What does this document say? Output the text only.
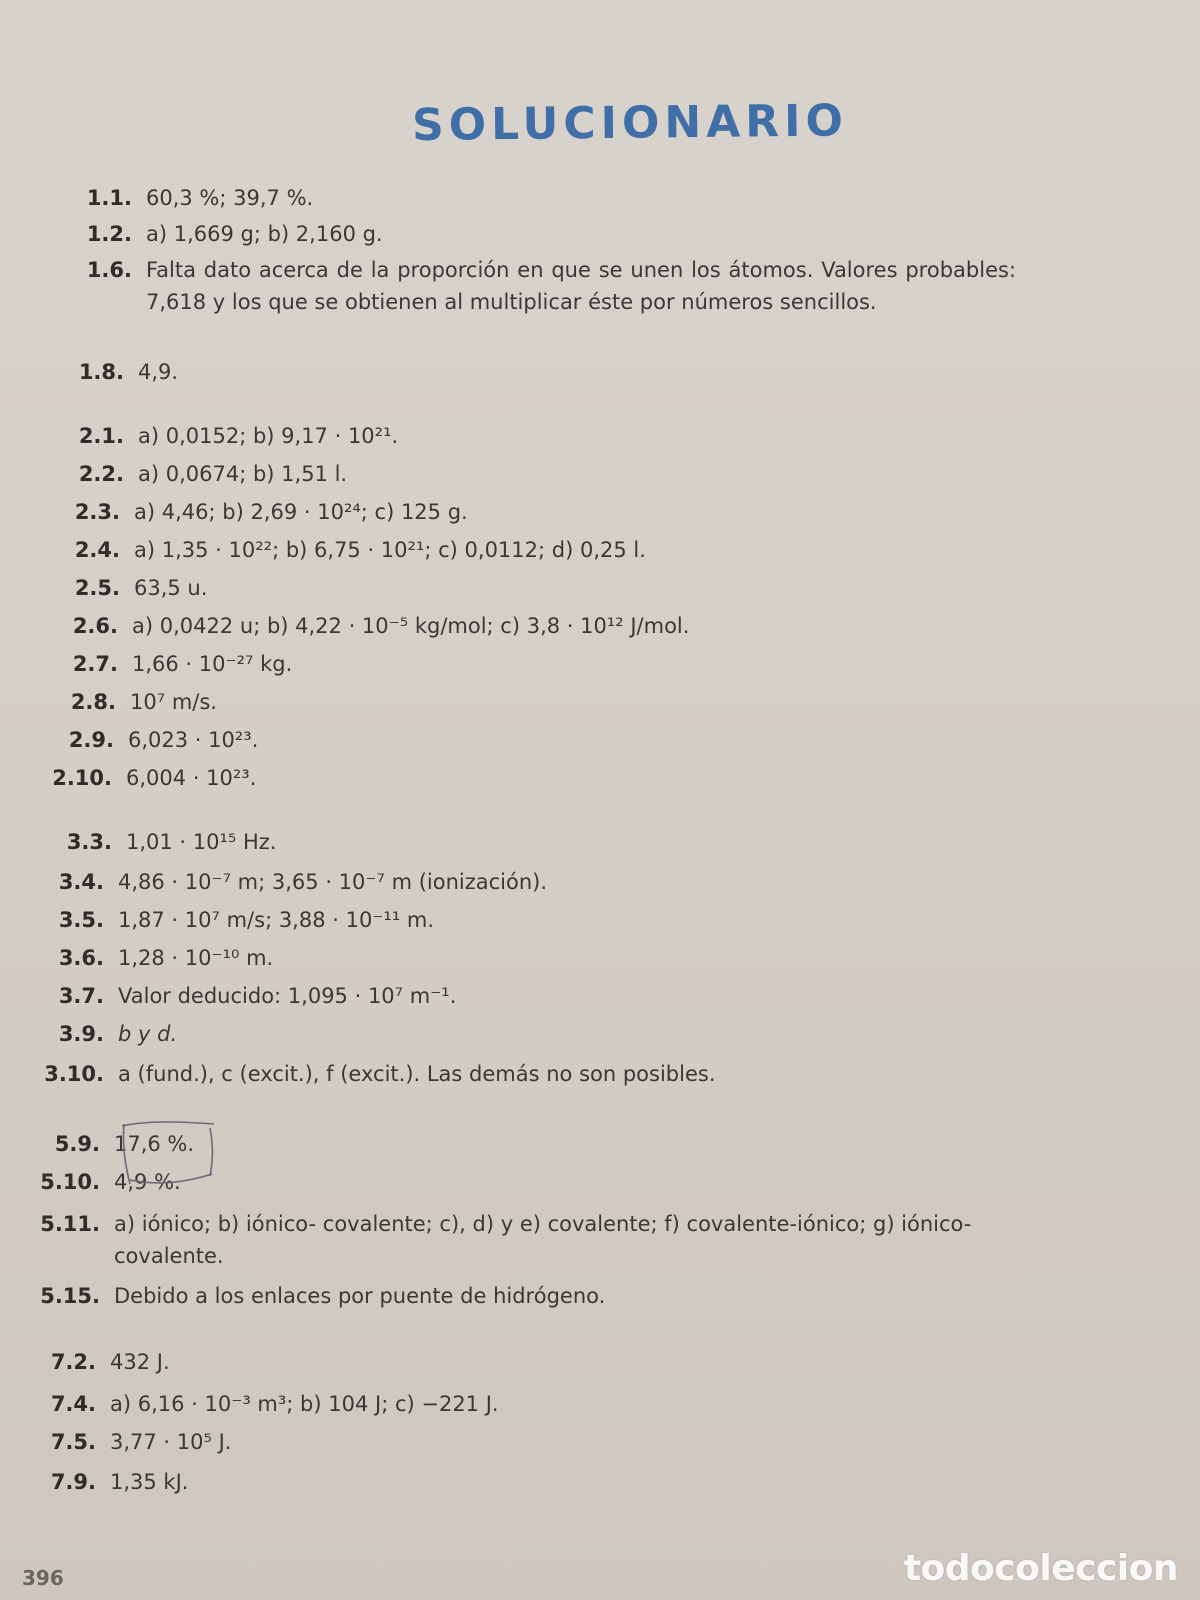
SOLUCIONARIO
1.1. 60,3 %; 39,7 %.
1.2. a) 1,669 g; b) 2,160 g.
1.6. Falta dato acerca de la proporción en que se unen los átomos. Valores probables: 7,618 y los que se obtienen al multiplicar éste por números sencillos.
1.8. 4,9.
2.1. a) 0,0152; b) 9,17 · 10²¹.
2.2. a) 0,0674; b) 1,51 l.
2.3. a) 4,46; b) 2,69 · 10²⁴; c) 125 g.
2.4. a) 1,35 · 10²²; b) 6,75 · 10²¹; c) 0,0112; d) 0,25 l.
2.5. 63,5 u.
2.6. a) 0,0422 u; b) 4,22 · 10⁻⁵ kg/mol; c) 3,8 · 10¹² J/mol.
2.7. 1,66 · 10⁻²⁷ kg.
2.8. 10⁷ m/s.
2.9. 6,023 · 10²³.
2.10. 6,004 · 10²³.
3.3. 1,01 · 10¹⁵ Hz.
3.4. 4,86 · 10⁻⁷ m; 3,65 · 10⁻⁷ m (ionización).
3.5. 1,87 · 10⁷ m/s; 3,88 · 10⁻¹¹ m.
3.6. 1,28 · 10⁻¹⁰ m.
3.7. Valor deducido: 1,095 · 10⁷ m⁻¹.
3.9. b y d.
3.10. a (fund.), c (excit.), f (excit.). Las demás no son posibles.
5.9. 17,6 %.
5.10. 4,9 %.
5.11. a) iónico; b) iónico- covalente; c), d) y e) covalente; f) covalente-iónico; g) iónico-covalente.
5.15. Debido a los enlaces por puente de hidrógeno.
7.2. 432 J.
7.4. a) 6,16 · 10⁻³ m³; b) 104 J; c) −221 J.
7.5. 3,77 · 10⁵ J.
7.9. 1,35 kJ.
396	todocoleccion
